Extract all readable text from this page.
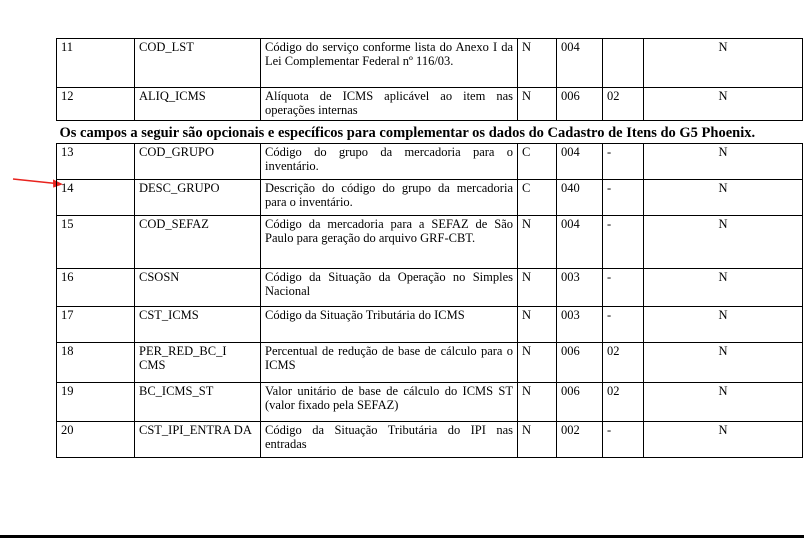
11	COD_LST	Código do serviço conforme lista do Anexo I da Lei Complementar Federal nº 116/03.	N	004		N
12	ALIQ_ICMS	Alíquota de ICMS aplicável ao item nas operações internas	N	006	02	N
Os campos a seguir são opcionais e específicos para complementar os dados do Cadastro de Itens do G5 Phoenix.						
13	COD_GRUPO	Código do grupo da mercadoria para o inventário.	C	004	-	N
14	DESC_GRUPO	Descrição do código do grupo da mercadoria para o inventário.	C	040	-	N
15	COD_SEFAZ	Código da mercadoria para a SEFAZ de São Paulo para geração do arquivo GRF-CBT.	N	004	-	N
16	CSOSN	Código da Situação da Operação no Simples Nacional	N	003	-	N
17	CST_ICMS	Código da Situação Tributária do ICMS	N	003	-	N
18	PER_RED_BC_I CMS	Percentual de redução de base de cálculo para o ICMS	N	006	02	N
19	BC_ICMS_ST	Valor unitário de base de cálculo do ICMS ST (valor fixado pela SEFAZ)	N	006	02	N
20	CST_IPI_ENTRA DA	Código da Situação Tributária do IPI nas entradas	N	002	-	N
